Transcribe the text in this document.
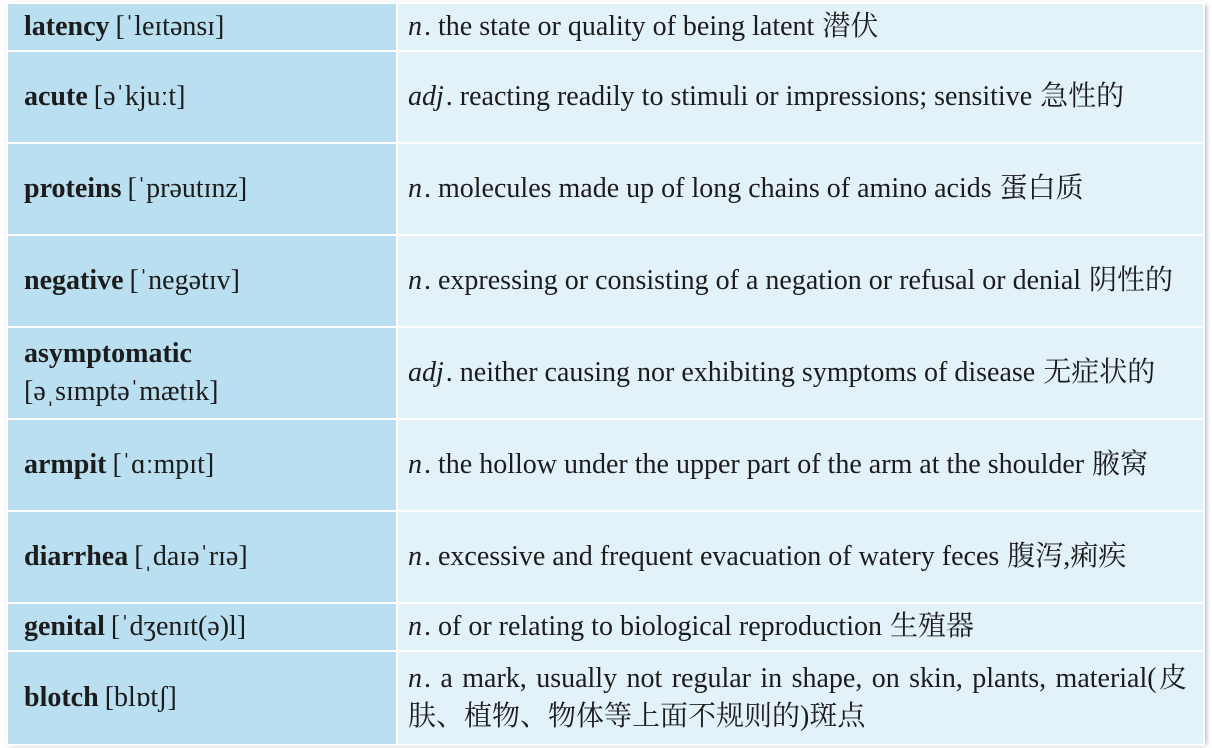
latency [ˈleɪtənsɪ]	n. the state or quality of being latent 潜伏
acute [əˈkjuːt]	adj. reacting readily to stimuli or impressions; sensitive 急性的
proteins [ˈprəutɪnz]	n. molecules made up of long chains of amino acids 蛋白质
negative [ˈnegətɪv]	n. expressing or consisting of a negation or refusal or denial 阴性的
asymptomatic
[əˌsɪmptəˈmætɪk]	adj. neither causing nor exhibiting symptoms of disease 无症状的
armpit [ˈɑːmpɪt]	n. the hollow under the upper part of the arm at the shoulder 腋窝
diarrhea [ˌdaɪəˈrɪə]	n. excessive and frequent evacuation of watery feces 腹泻,痢疾
genital [ˈdʒenɪt(ə)l]	n. of or relating to biological reproduction 生殖器
blotch [blɒtʃ]	n. a mark, usually not regular in shape, on skin, plants, material(皮肤、植物、物体等上面不规则的)斑点
